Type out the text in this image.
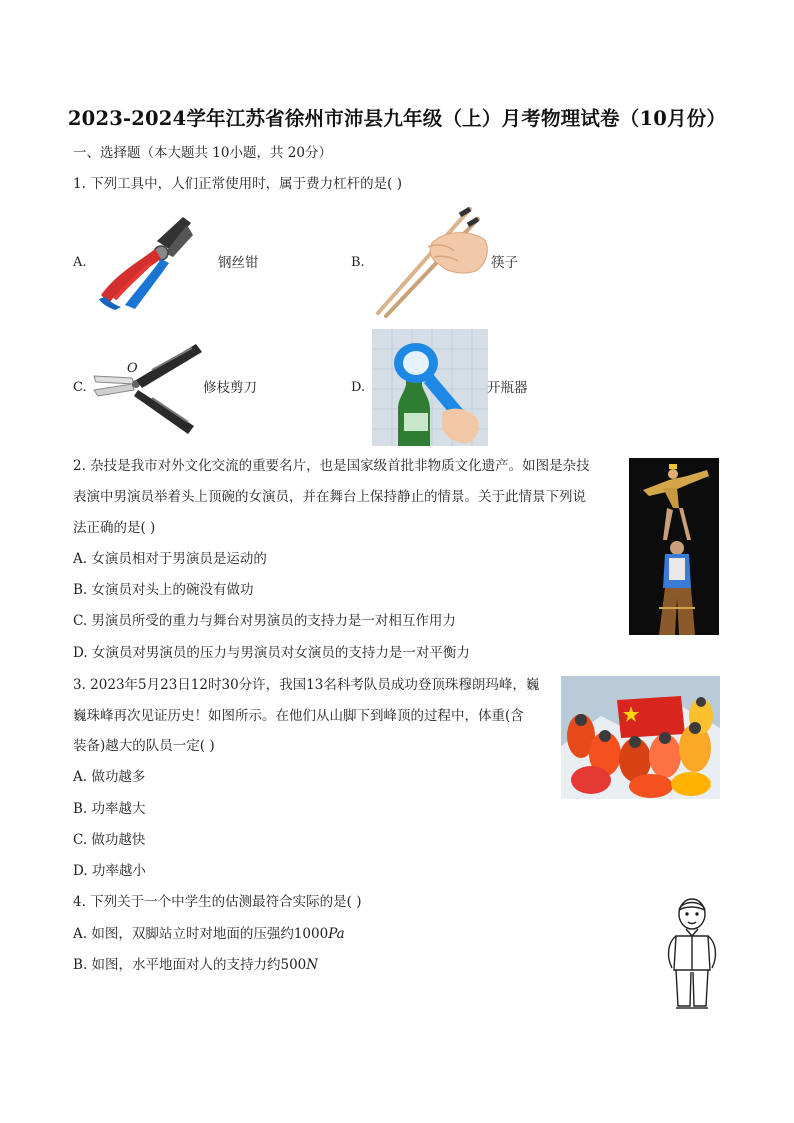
2023-2024学年江苏省徐州市沛县九年级（上）月考物理试卷（10月份）
一、选择题（本大题共 10小题，共 20分）
1. 下列工具中，人们正常使用时，属于费力杠杆的是( )
A.	钢丝钳	B.	筷子
C.
O
修枝剪刀	D.	开瓶器
2. 杂技是我市对外文化交流的重要名片，也是国家级首批非物质文化遗产。如图是杂技
表演中男演员举着头上顶碗的女演员，并在舞台上保持静止的情景。关于此情景下列说
法正确的是( )
A. 女演员相对于男演员是运动的
B. 女演员对头上的碗没有做功
C. 男演员所受的重力与舞台对男演员的支持力是一对相互作用力
D. 女演员对男演员的压力与男演员对女演员的支持力是一对平衡力
3. 2023年5月23日12时30分许，我国13名科考队员成功登顶珠穆朗玛峰，巍
巍珠峰再次见证历史！如图所示。在他们从山脚下到峰顶的过程中，体重(含
装备)越大的队员一定( )
A. 做功越多
B. 功率越大
C. 做功越快
D. 功率越小
4. 下列关于一个中学生的估测最符合实际的是( )
A. 如图，双脚站立时对地面的压强约1000Pa
B. 如图，水平地面对人的支持力约500N
